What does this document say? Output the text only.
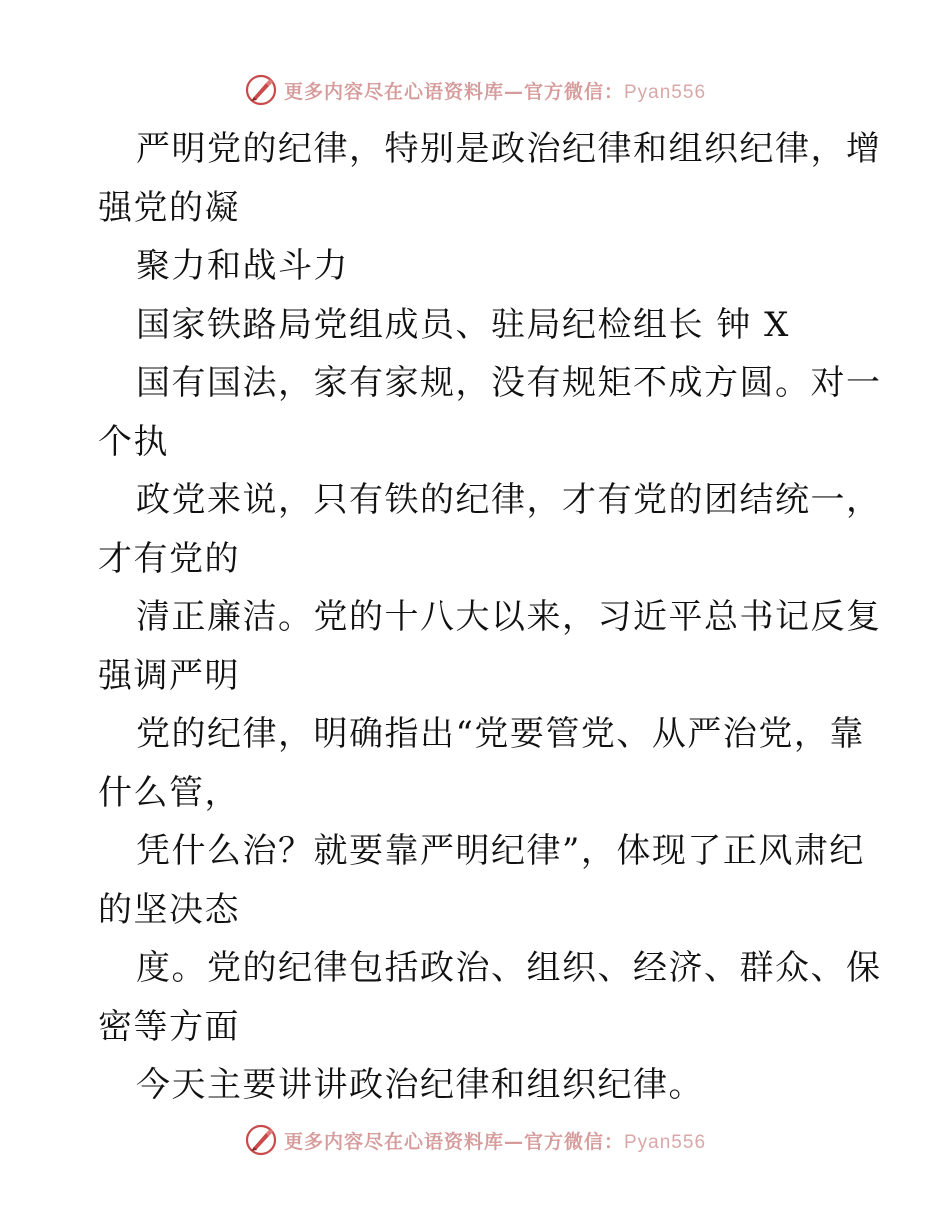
更多内容尽在心语资料库—官方微信：Pyan556
严明党的纪律，特别是政治纪律和组织纪律，增
强党的凝
聚力和战斗力
国家铁路局党组成员、驻局纪检组长 钟 X
国有国法，家有家规，没有规矩不成方圆。对一
个执
政党来说，只有铁的纪律，才有党的团结统一，
才有党的
清正廉洁。党的十八大以来，习近平总书记反复
强调严明
党的纪律，明确指出“党要管党、从严治党，靠
什么管，
凭什么治？就要靠严明纪律”，体现了正风肃纪
的坚决态
度。党的纪律包括政治、组织、经济、群众、保
密等方面
今天主要讲讲政治纪律和组织纪律。
更多内容尽在心语资料库—官方微信：Pyan556
